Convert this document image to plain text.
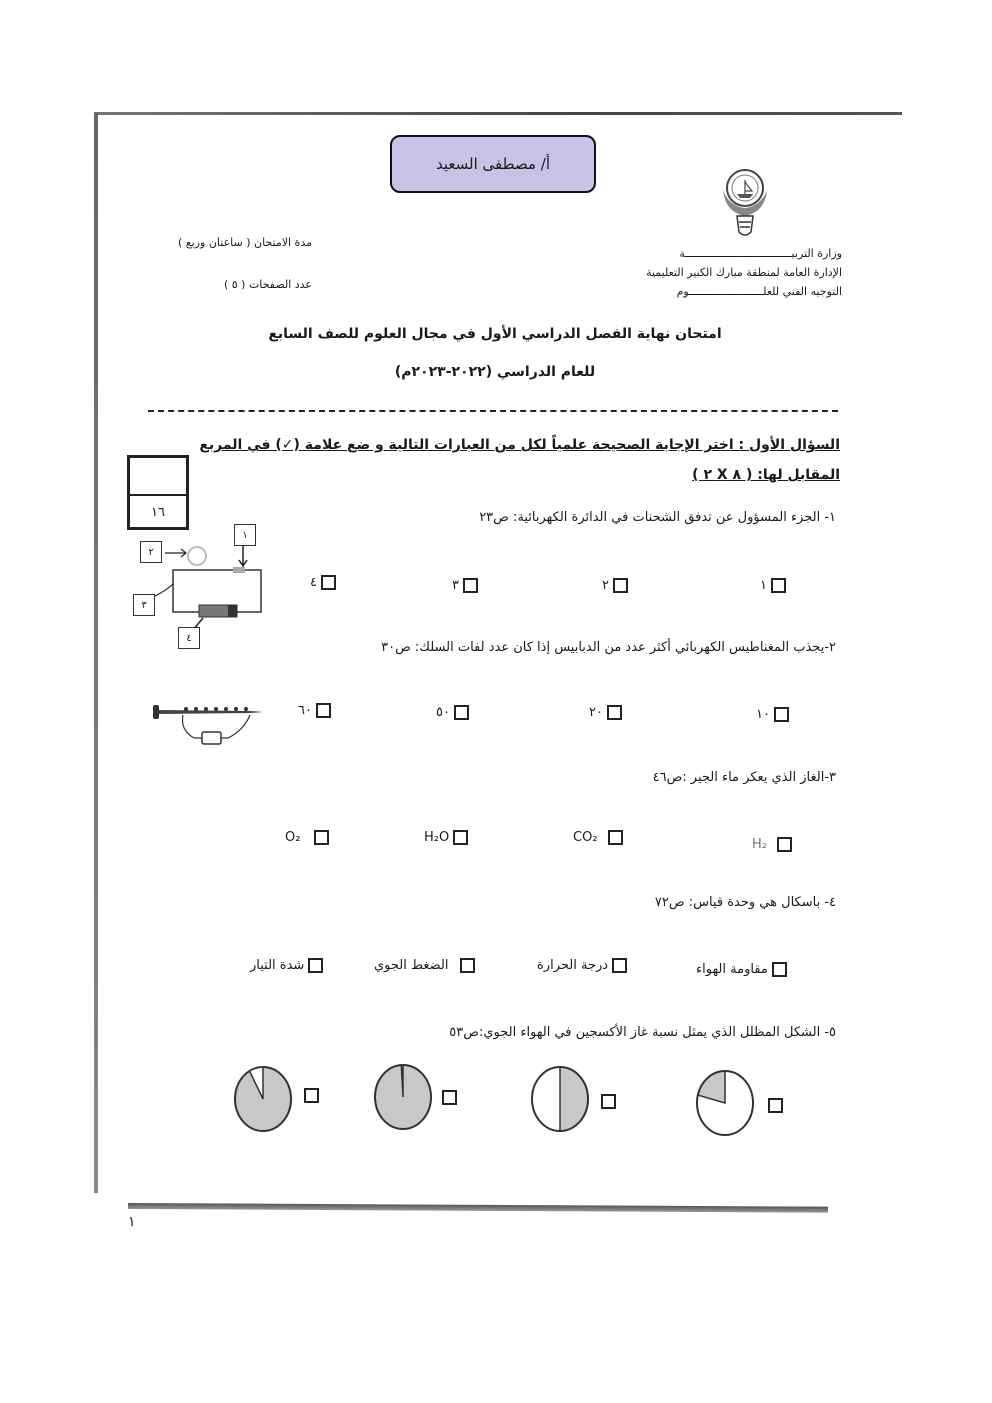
أ/ مصطفى السعيد
وزارة التربيـــــــــــــــــــــــــــــــــة
الإدارة العامة لمنطقة مبارك الكبير التعليمية
التوجيه الفني للعلـــــــــــــــــــــــوم
مدة الامتحان ( ساعتان وربع )
عدد الصفحات ( ٥ )
امتحان نهاية الفصل الدراسي الأول في مجال العلوم للصف السابع
للعام الدراسي (٢٠٢٢-٢٠٢٣م)
السؤال الأول : اختر الإجابة الصحيحة علمياً لكل من العبارات التالية و ضع علامة (✓) في المربع المقابل لها: ( ٨ X ٢ )
١٦
١
٢
٣
٤
١- الجزء المسؤول عن تدفق الشحنات في الدائرة الكهربائية: ص٢٣
١
٢
٣
٤
٢-يجذب المغناطيس الكهربائي أكثر عدد من الدبابيس إذا كان عدد لفات السلك: ص٣٠
١٠
٢٠
٥٠
٦٠
٣-الغاز الذي يعكر ماء الجير :ص٤٦
H₂
CO₂
H₂O
O₂
٤- باسكال هي وحدة قياس: ص٧٢
مقاومة الهواء
درجة الحرارة
الضغط الجوي
شدة التيار
٥- الشكل المظلل الذي يمثل نسبة غاز الأكسجين في الهواء الجوي:ص٥٣
١
